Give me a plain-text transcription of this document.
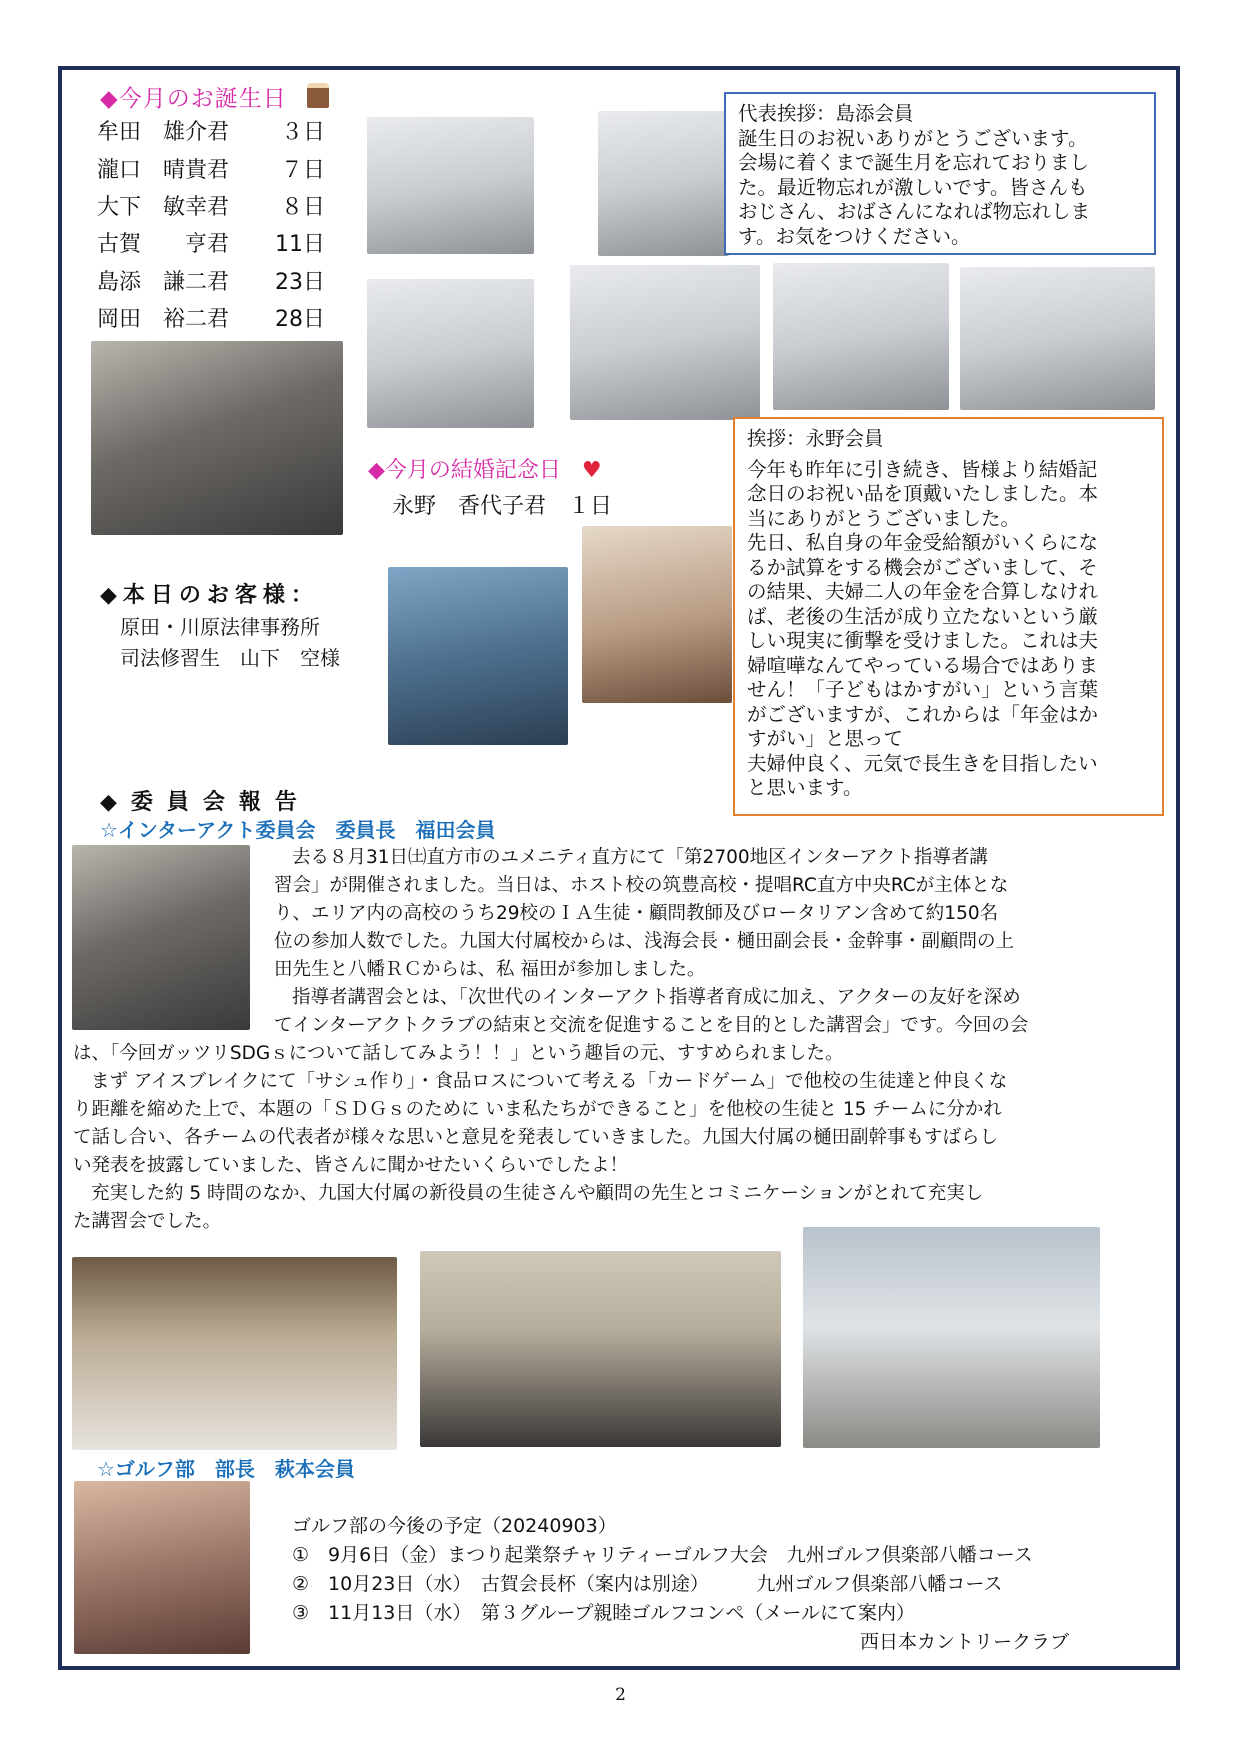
◆今月のお誕生日
牟田　雄介君 ３日
瀧口　晴貴君 ７日
大下　敏幸君 ８日
古賀　　亨君 11日
島添　謙二君 23日
岡田　裕二君 28日
代表挨拶：島添会員
誕生日のお祝いありがとうございます。
会場に着くまで誕生月を忘れておりまし
た。最近物忘れが激しいです。皆さんも
おじさん、おばさんになれば物忘れしま
す。お気をつけください。
◆今月の結婚記念日 ♥
永野　香代子君　１日
挨拶：永野会員
今年も昨年に引き続き、皆様より結婚記
念日のお祝い品を頂戴いたしました。本
当にありがとうございました。
先日、私自身の年金受給額がいくらにな
るか試算をする機会がございまして、そ
の結果、夫婦二人の年金を合算しなけれ
ば、老後の生活が成り立たないという厳
しい現実に衝撃を受けました。これは夫
婦喧嘩なんてやっている場合ではありま
せん！「子どもはかすがい」という言葉
がございますが、これからは「年金はか
すがい」と思って
夫婦仲良く、元気で長生きを目指したい
と思います。
◆本日のお客様：
原田・川原法律事務所
司法修習生　山下　空様
◆委員会報告
☆インターアクト委員会　委員長　福田会員
去る８月31日㈯直方市のユメニティ直方にて「第2700地区インターアクト指導者講
習会」が開催されました。当日は、ホスト校の筑豊高校・提唱RC直方中央RCが主体とな
り、エリア内の高校のうち29校のＩＡ生徒・顧問教師及びロータリアン含めて約150名
位の参加人数でした。九国大付属校からは、浅海会長・樋田副会長・金幹事・副顧問の上
田先生と八幡ＲＣからは、私 福田が参加しました。
指導者講習会とは、「次世代のインターアクト指導者育成に加え、アクターの友好を深め
てインターアクトクラブの結束と交流を促進することを目的とした講習会」です。今回の会
は、「今回ガッツリSDGｓについて話してみよう！！」という趣旨の元、すすめられました。
まず アイスブレイクにて「サシュ作り」・食品ロスについて考える「カードゲーム」で他校の生徒達と仲良くな
り距離を縮めた上で、本題の「ＳＤＧｓのために いま私たちができること」を他校の生徒と 15 チームに分かれ
て話し合い、各チームの代表者が様々な思いと意見を発表していきました。九国大付属の樋田副幹事もすばらし
い発表を披露していました、皆さんに聞かせたいくらいでしたよ！
充実した約 5 時間のなか、九国大付属の新役員の生徒さんや顧問の先生とコミニケーションがとれて充実し
た講習会でした。
☆ゴルフ部　部長　萩本会員
ゴルフ部の今後の予定（20240903）
①　9月6日（金）まつり起業祭チャリティーゴルフ大会　九州ゴルフ倶楽部八幡コース
②　10月23日（水）　古賀会長杯（案内は別途）　　　九州ゴルフ倶楽部八幡コース
③　11月13日（水）　第３グループ親睦ゴルフコンペ（メールにて案内）
西日本カントリークラブ
2
